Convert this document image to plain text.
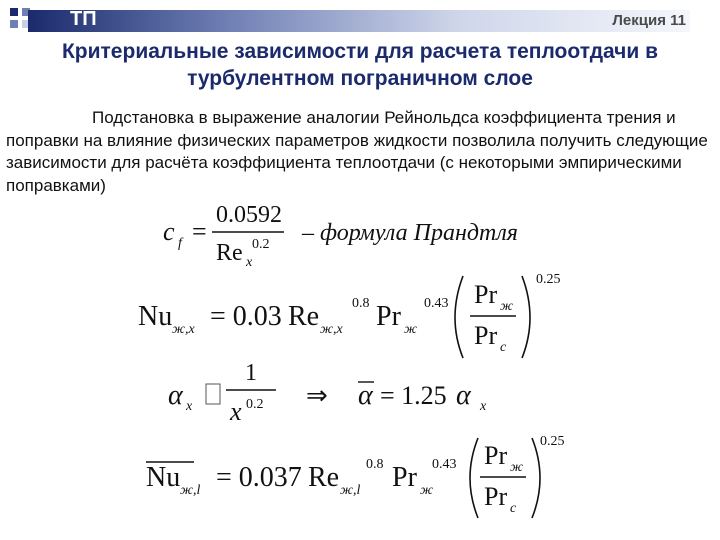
ТП	Лекция 11
Критериальные зависимости для расчета теплоотдачи в
турбулентном пограничном слое
Подстановка в выражение аналогии Рейнольдса коэффициента трения и поправки на влияние физических параметров жидкости позволила получить следующие зависимости для расчёта коэффициента теплоотдачи (с некоторыми эмпирическими поправками)
c f =
0.0592
Re x
0.2 – формула Прандтля
Nu ж,x = 0.03 Re ж,x
0.8 Pr ж
0.43 Pr ж
Pr с
0.25
α x
1
x 0.2 ⇒ α = 1.25 α x
Nu ж,l = 0.037 Re ж,l
0.8 Pr ж
0.43 Pr ж
Pr с
0.25
